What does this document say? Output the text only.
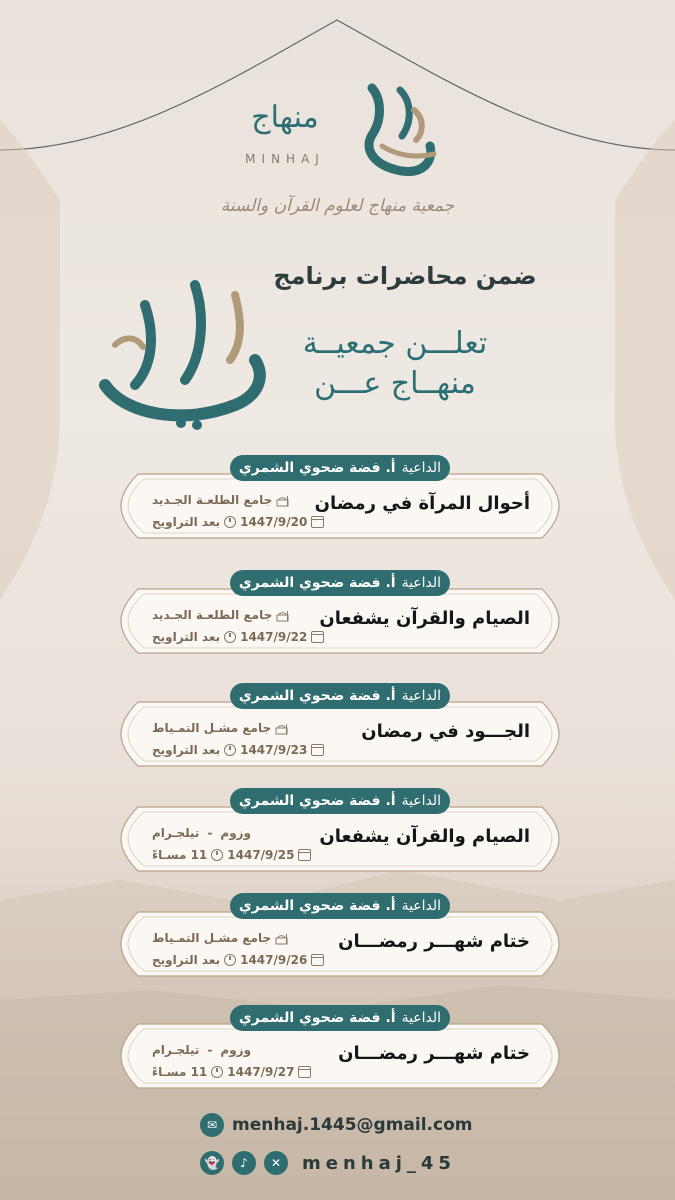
منهاج
MINHAJ
جمعية منهاج لعلوم القرآن والسنة
ضمن محاضرات برنامج
تعلـــن جمعيــة
منهــاج عـــن
الداعيةأ. فضة ضحوي الشمري
أحوال المرآة في رمضان
جامع الطلعـة الجـديد
1447/9/20
بعد التراويح
الداعيةأ. فضة ضحوي الشمري
الصيام والقرآن يشفعان
جامع الطلعـة الجـديد
1447/9/22
بعد التراويح
الداعيةأ. فضة ضحوي الشمري
الجـــود في رمضان
جامع مشـل التمـياط
1447/9/23
بعد التراويح
الداعيةأ. فضة ضحوي الشمري
الصيام والقرآن يشفعان
وزوم
-
تيلجـرام
1447/9/25
11 مسـاءً
الداعيةأ. فضة ضحوي الشمري
ختام شهـــر رمضـــان
جامع مشـل التمـياط
1447/9/26
بعد التراويح
الداعيةأ. فضة ضحوي الشمري
ختام شهـــر رمضـــان
وزوم
-
تيلجـرام
1447/9/27
11 مسـاءً
✉ menhaj.1445@gmail.com
👻	♪	✕	menhaj_45
